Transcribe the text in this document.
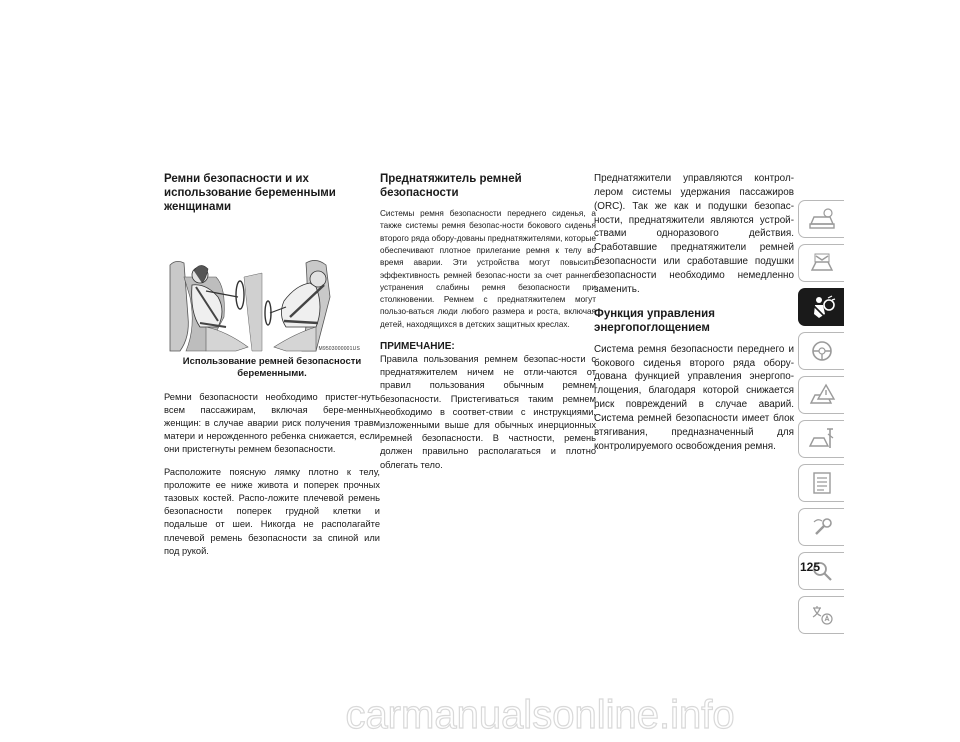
Ремни безопасности и их использование беременными женщинами
M9503000001US
Использование ремней безопасности беременными.

Ремни безопасности необходимо пристег-нуть всем пассажирам, включая бере-менных женщин: в случае аварии риск получения травм матери и нерожденного ребенка снижается, если они пристегнуты ремнем безопасности.

Расположите поясную лямку плотно к телу, проложите ее ниже живота и поперек прочных тазовых костей. Распо-ложите плечевой ремень безопасности поперек грудной клетки и подальше от шеи. Никогда не располагайте плечевой ремень безопасности за спиной или под рукой.

Преднатяжитель ремней безопасности

Системы ремня безопасности переднего сиденья, а также системы ремня безопас-ности бокового сиденья второго ряда обору-дованы преднатяжителями, которые обеспечивают плотное прилегание ремня к телу во время аварии. Эти устройства могут повысить эффективность ремней безопас-ности за счет раннего устранения слабины ремня безопасности при столкновении. Ремнем с преднатяжителем могут пользо-ваться люди любого размера и роста, включая детей, находящихся в детских защитных креслах.

ПРИМЕЧАНИЕ:

Правила пользования ремнем безопас-ности с преднатяжителем ничем не отли-чаются от правил пользования обычным ремнем безопасности. Пристегиваться таким ремнем необходимо в соответ-ствии с инструкциями, изложенными выше для обычных инерционных ремней безопасности. В частности, ремень должен правильно располагаться и плотно облегать тело.

Преднатяжители управляются контрол-лером системы удержания пассажиров (ORC). Так же как и подушки безопас-ности, преднатяжители являются устрой-ствами одноразового действия. Сработавшие преднатяжители ремней безопасности или сработавшие подушки безопасности необходимо немедленно заменить.

Функция управления энергопоглощением

Система ремня безопасности переднего и бокового сиденья второго ряда обору-дована функцией управления энергопо-глощения, благодаря которой снижается риск повреждений в случае аварий. Система ремней безопасности имеет блок втягивания, предназначенный для контролируемого освобождения ремня.

125
carmanualsonline.info
